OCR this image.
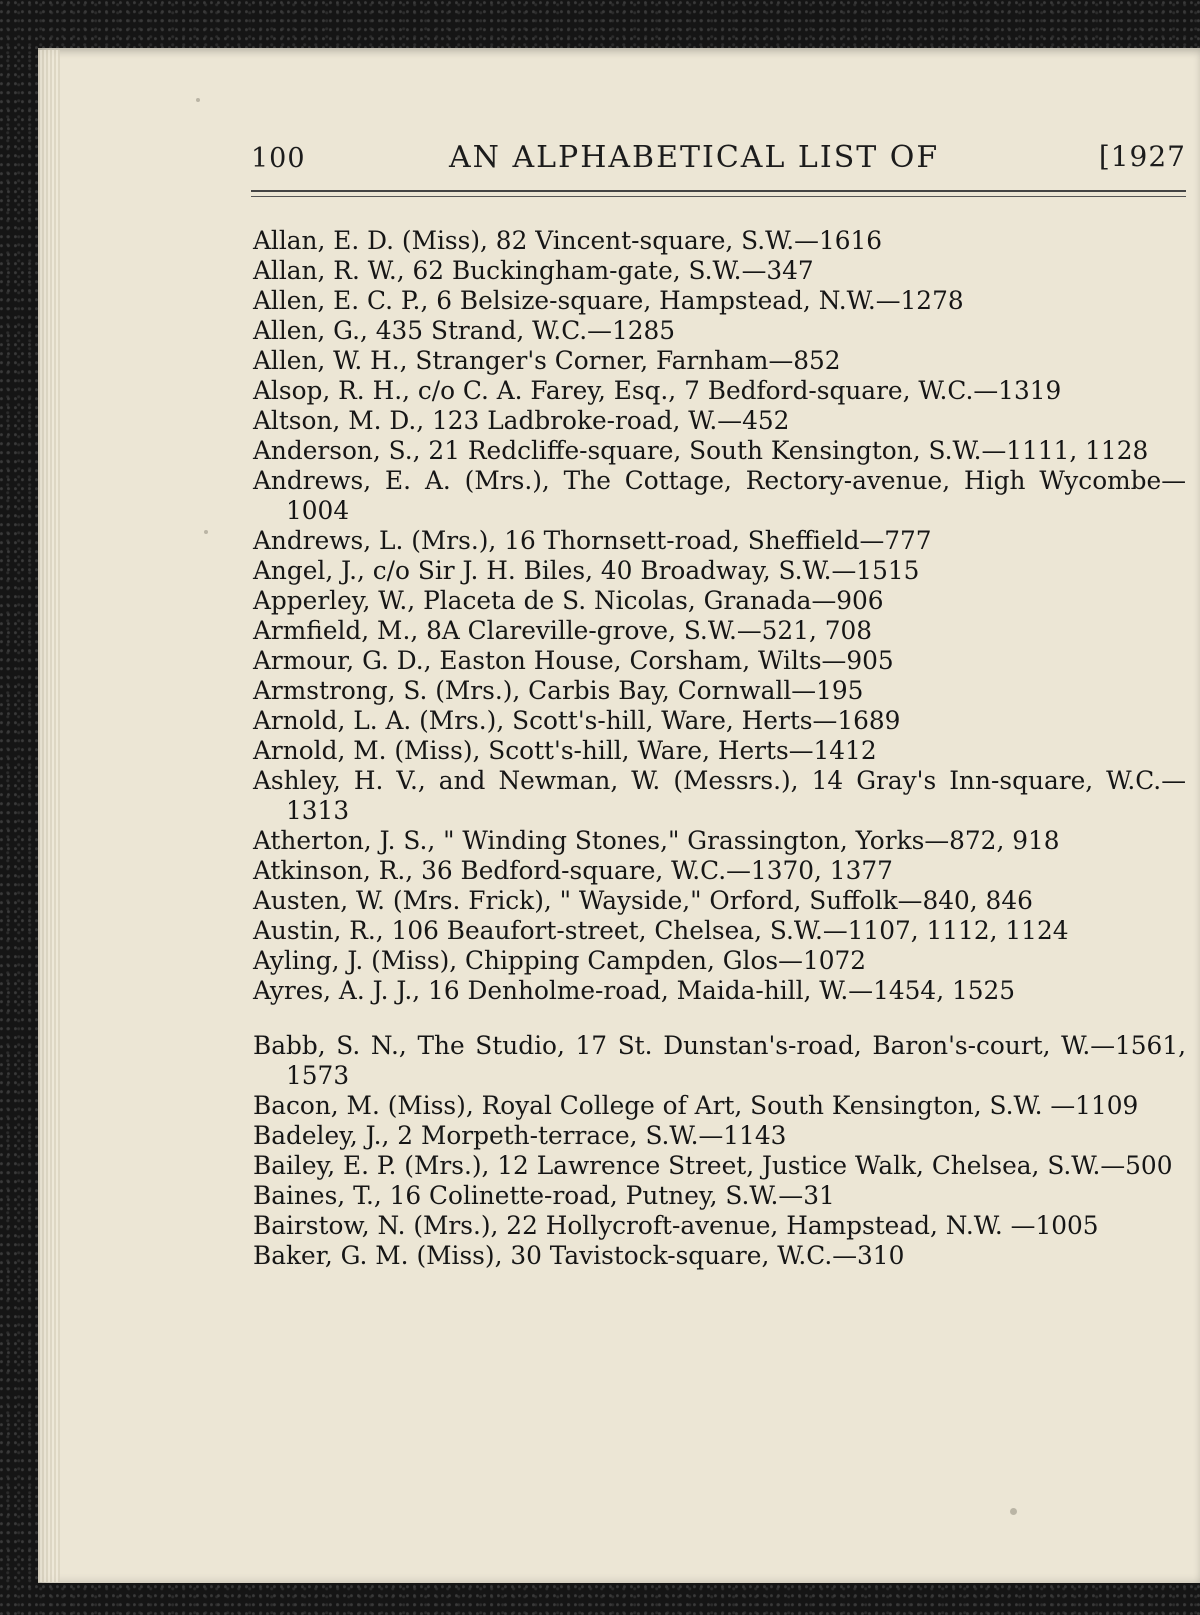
100	AN ALPHABETICAL LIST OF	[1927
Allan, E. D. (Miss), 82 Vincent-square, S.W.—1616
Allan, R. W., 62 Buckingham-gate, S.W.—347
Allen, E. C. P., 6 Belsize-square, Hampstead, N.W.—1278
Allen, G., 435 Strand, W.C.—1285
Allen, W. H., Stranger's Corner, Farnham—852
Alsop, R. H., c/o C. A. Farey, Esq., 7 Bedford-square, W.C.—1319
Altson, M. D., 123 Ladbroke-road, W.—452
Anderson, S., 21 Redcliffe-square, South Kensington, S.W.—1111, 1128
Andrews, E. A. (Mrs.), The Cottage, Rectory-avenue, High Wycombe—1004
Andrews, L. (Mrs.), 16 Thornsett-road, Sheffield—777
Angel, J., c/o Sir J. H. Biles, 40 Broadway, S.W.—1515
Apperley, W., Placeta de S. Nicolas, Granada—906
Armfield, M., 8A Clareville-grove, S.W.—521, 708
Armour, G. D., Easton House, Corsham, Wilts—905
Armstrong, S. (Mrs.), Carbis Bay, Cornwall—195
Arnold, L. A. (Mrs.), Scott's-hill, Ware, Herts—1689
Arnold, M. (Miss), Scott's-hill, Ware, Herts—1412
Ashley, H. V., and Newman, W. (Messrs.), 14 Gray's Inn-square, W.C.—1313
Atherton, J. S., " Winding Stones," Grassington, Yorks—872, 918
Atkinson, R., 36 Bedford-square, W.C.—1370, 1377
Austen, W. (Mrs. Frick), " Wayside," Orford, Suffolk—840, 846
Austin, R., 106 Beaufort-street, Chelsea, S.W.—1107, 1112, 1124
Ayling, J. (Miss), Chipping Campden, Glos—1072
Ayres, A. J. J., 16 Denholme-road, Maida-hill, W.—1454, 1525
Babb, S. N., The Studio, 17 St. Dunstan's-road, Baron's-court, W.—1561, 1573
Bacon, M. (Miss), Royal College of Art, South Kensington, S.W. —1109
Badeley, J., 2 Morpeth-terrace, S.W.—1143
Bailey, E. P. (Mrs.), 12 Lawrence Street, Justice Walk, Chelsea, S.W.—500
Baines, T., 16 Colinette-road, Putney, S.W.—31
Bairstow, N. (Mrs.), 22 Hollycroft-avenue, Hampstead, N.W. —1005
Baker, G. M. (Miss), 30 Tavistock-square, W.C.—310
